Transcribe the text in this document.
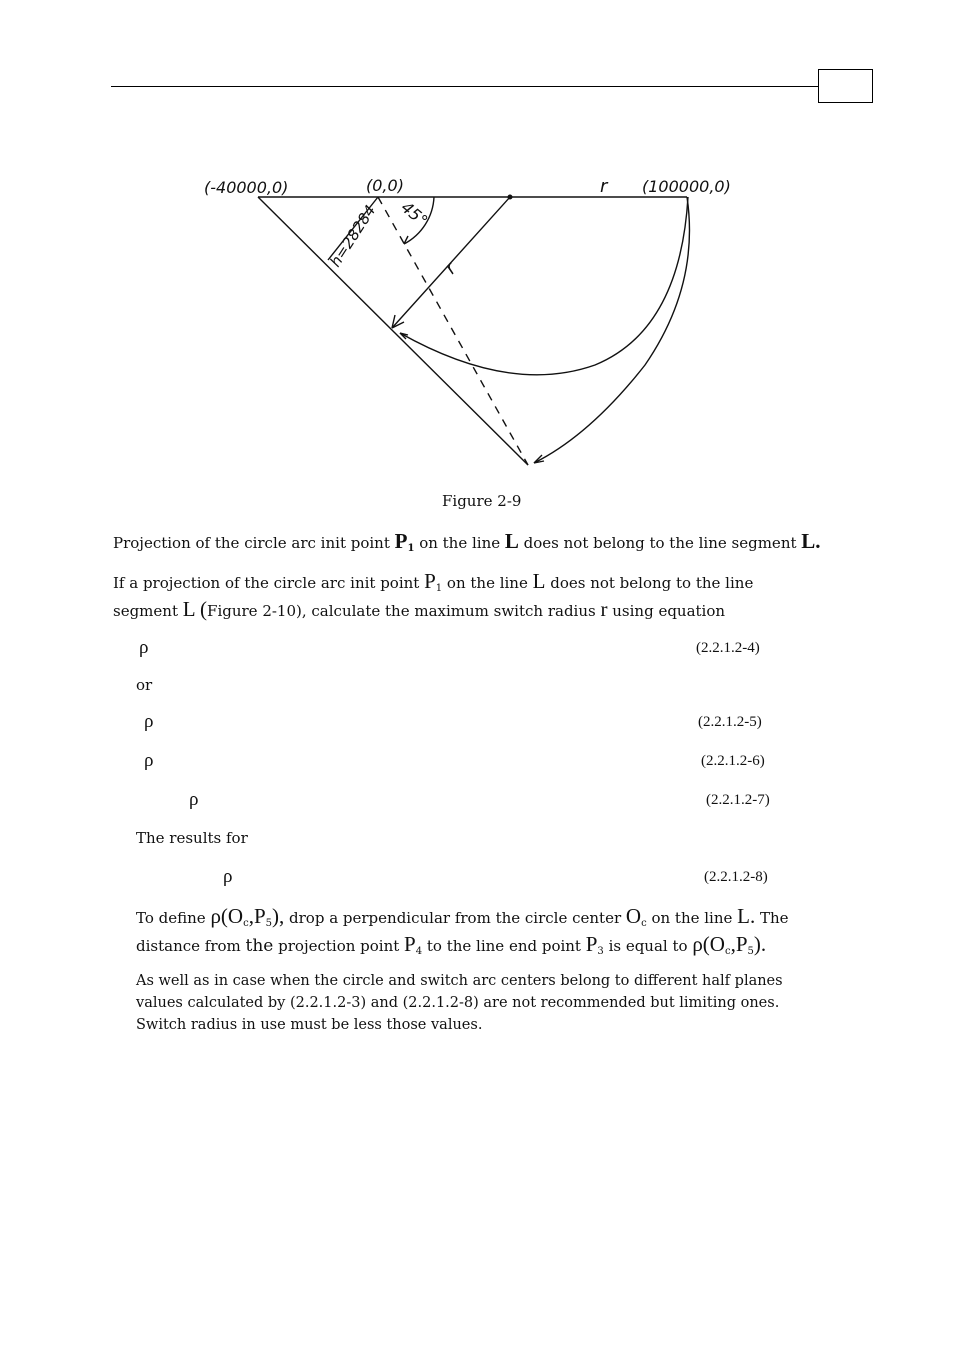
(-40000,0)	(0,0)	r (100000,0)
45°
h=28284	r
Figure 2-9
Projection of the circle arc init point $P_1$ on the line L does not belong to the line segment L.
If a projection of the circle arc init point $P_1$ on the line L does not belong to the line
segment L (Figure 2-10), calculate the maximum switch radius r using equation
ρ	(2.2.1.2-4)
or
ρ	(2.2.1.2-5)
ρ	(2.2.1.2-6)
ρ	(2.2.1.2-7)
The results for
ρ	(2.2.1.2-8)
To define $\rho(O_c,P_5)$, drop a perpendicular from the circle center $O_c$ on the line L. The
distance from the projection point $P_4$ to the line end point $P_3$ is equal to $\rho(O_c,P_5)$.
As well as in case when the circle and switch arc centers belong to different half planes values calculated by (2.2.1.2-3) and (2.2.1.2-8) are not recommended but limiting ones. Switch radius in use must be less those values.
